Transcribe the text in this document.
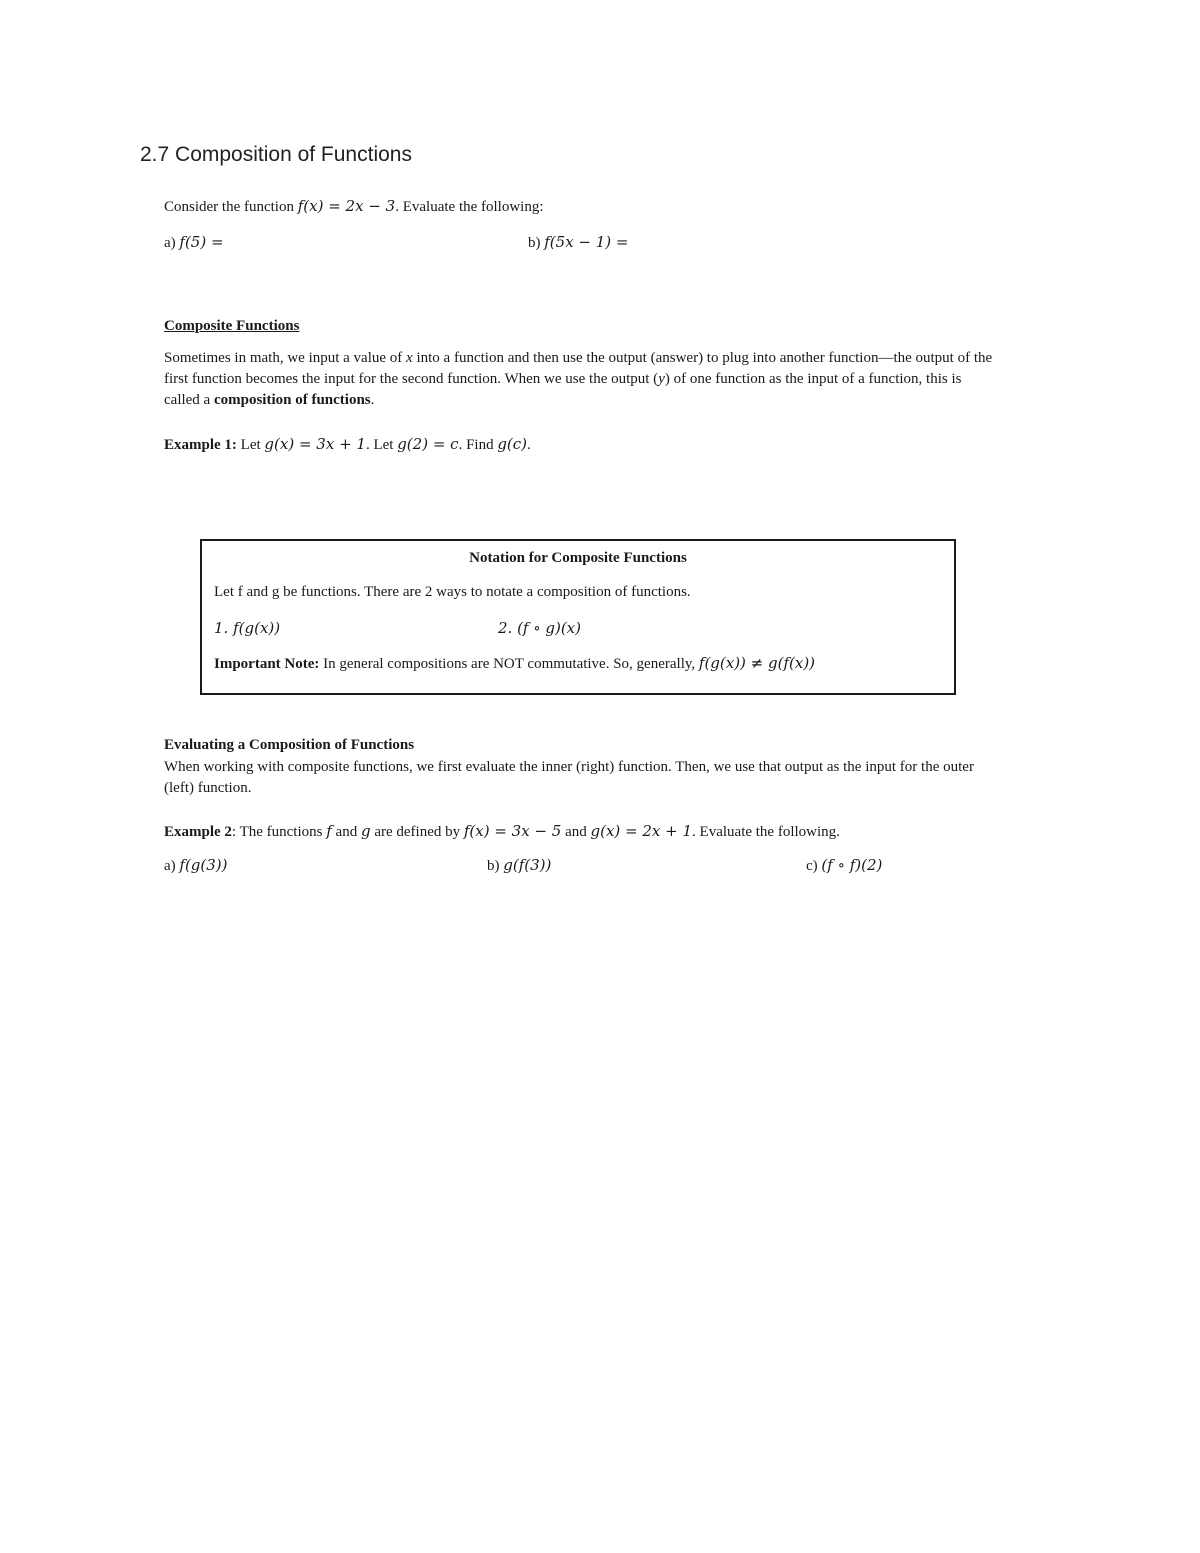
2.7 Composition of Functions
Consider the function f(x) = 2x − 3. Evaluate the following:
a) f(5) =	b) f(5x − 1) =
Composite Functions
Sometimes in math, we input a value of x into a function and then use the output (answer) to plug into another function—the output of the first function becomes the input for the second function. When we use the output (y) of one function as the input of a function, this is called a composition of functions.
Example 1: Let g(x) = 3x + 1. Let g(2) = c. Find g(c).
Notation for Composite Functions
Let f and g be functions. There are 2 ways to notate a composition of functions.
1. f(g(x))	2. (f ∘ g)(x)
Important Note: In general compositions are NOT commutative. So, generally, f(g(x)) ≠ g(f(x))
Evaluating a Composition of Functions
When working with composite functions, we first evaluate the inner (right) function. Then, we use that output as the input for the outer (left) function.
Example 2: The functions f and g are defined by f(x) = 3x − 5 and g(x) = 2x + 1. Evaluate the following.
a) f(g(3))	b) g(f(3))	c) (f ∘ f)(2)
